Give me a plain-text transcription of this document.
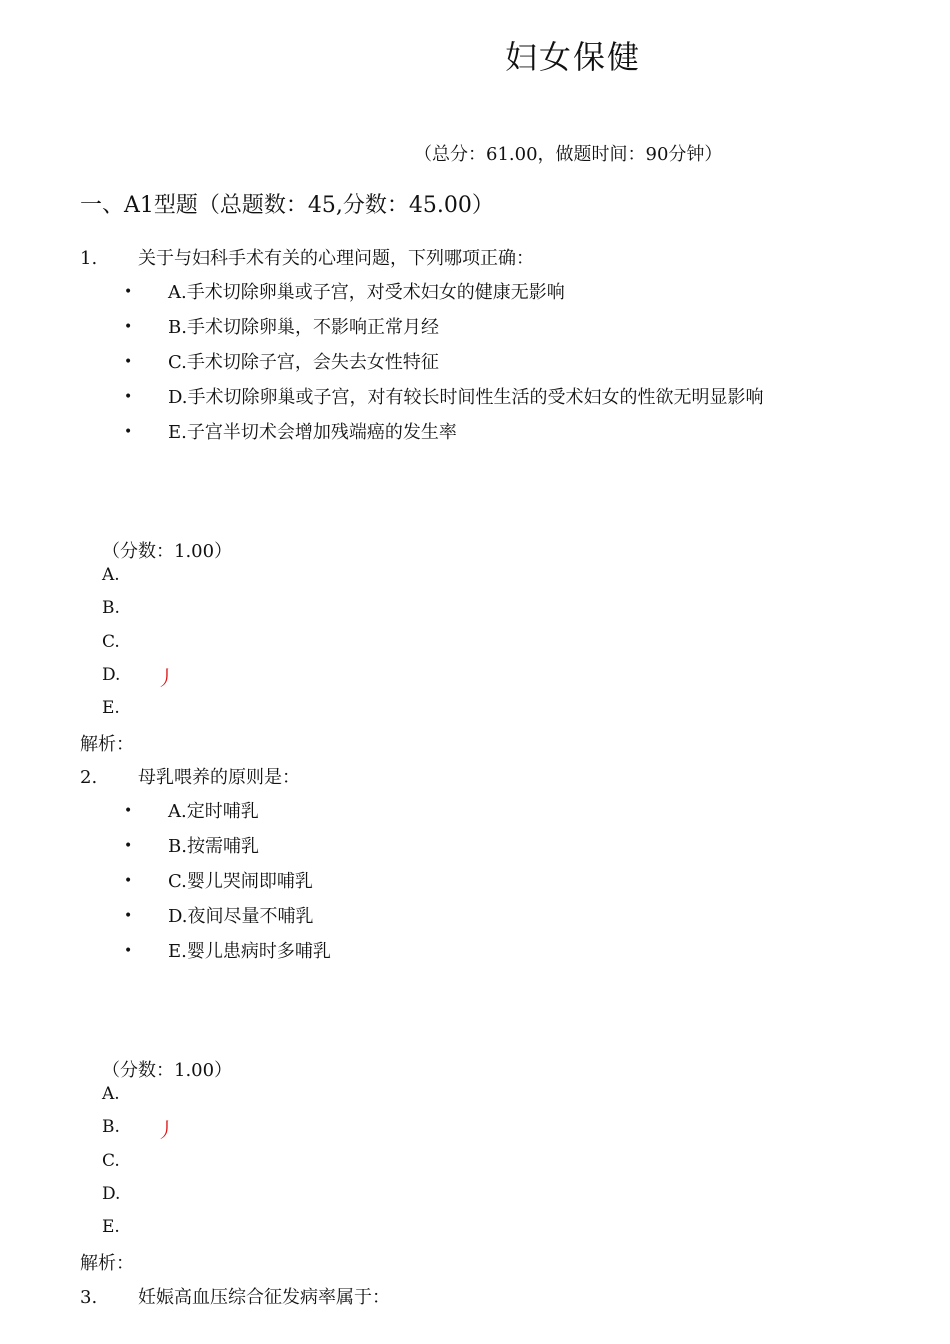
妇女保健
（总分：61.00，做题时间：90分钟）
一、A1型题（总题数：45,分数：45.00）
1. 关于与妇科手术有关的心理问题，下列哪项正确：
• A.手术切除卵巢或子宫，对受术妇女的健康无影响
• B.手术切除卵巢，不影响正常月经
• C.手术切除子宫，会失去女性特征
• D.手术切除卵巢或子宫，对有较长时间性生活的受术妇女的性欲无明显影响
• E.子宫半切术会增加残端癌的发生率
（分数：1.00）
A.
B.
C.
D. 丿
E.
解析：
2. 母乳喂养的原则是：
• A.定时哺乳
• B.按需哺乳
• C.婴儿哭闹即哺乳
• D.夜间尽量不哺乳
• E.婴儿患病时多哺乳
（分数：1.00）
A.
B. 丿
C.
D.
E.
解析：
3. 妊娠高血压综合征发病率属于：
